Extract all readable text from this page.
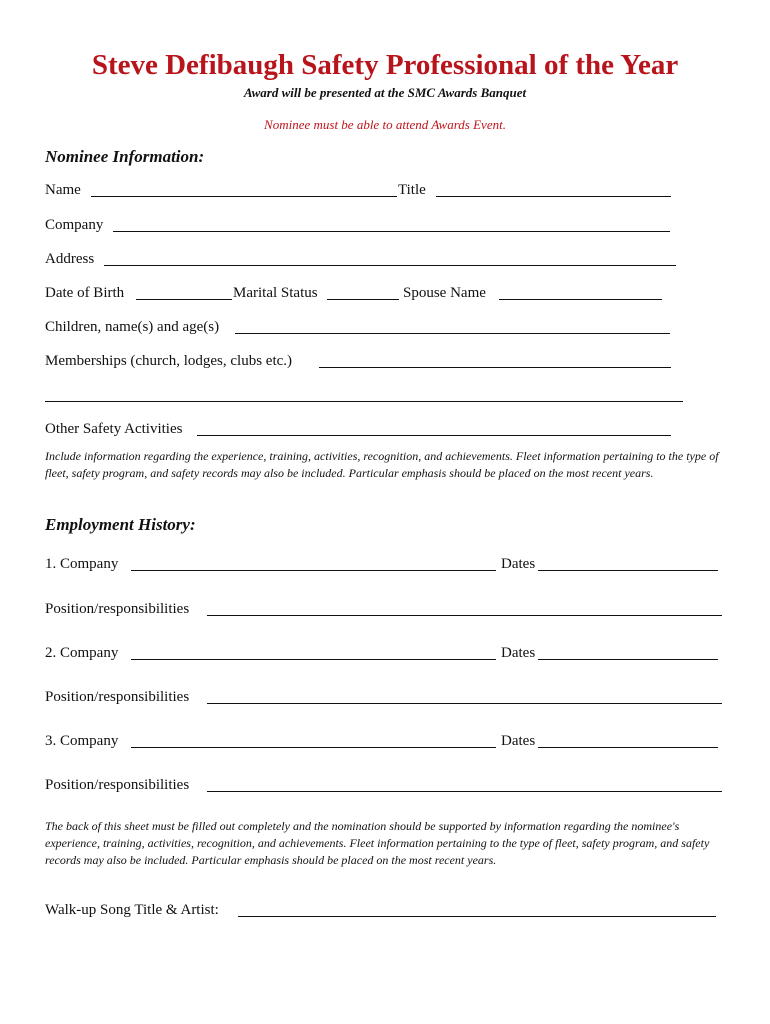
Steve Defibaugh Safety Professional of the Year
Award will be presented at the SMC Awards Banquet
Nominee must be able to attend Awards Event.
Nominee Information:
Name	Title
Company
Address
Date of Birth	Marital Status	Spouse Name
Children, name(s) and age(s)
Memberships (church, lodges, clubs etc.)
Other Safety Activities
Include information regarding the experience, training, activities, recognition, and achievements. Fleet information pertaining to the type of fleet, safety program, and safety records may also be included. Particular emphasis should be placed on the most recent years.
Employment History:
1. Company	Dates
Position/responsibilities
2. Company	Dates
Position/responsibilities
3. Company	Dates
Position/responsibilities
The back of this sheet must be filled out completely and the nomination should be supported by information regarding the nominee's experience, training, activities, recognition, and achievements. Fleet information pertaining to the type of fleet, safety program, and safety records may also be included. Particular emphasis should be placed on the most recent years.
Walk-up Song Title & Artist:
